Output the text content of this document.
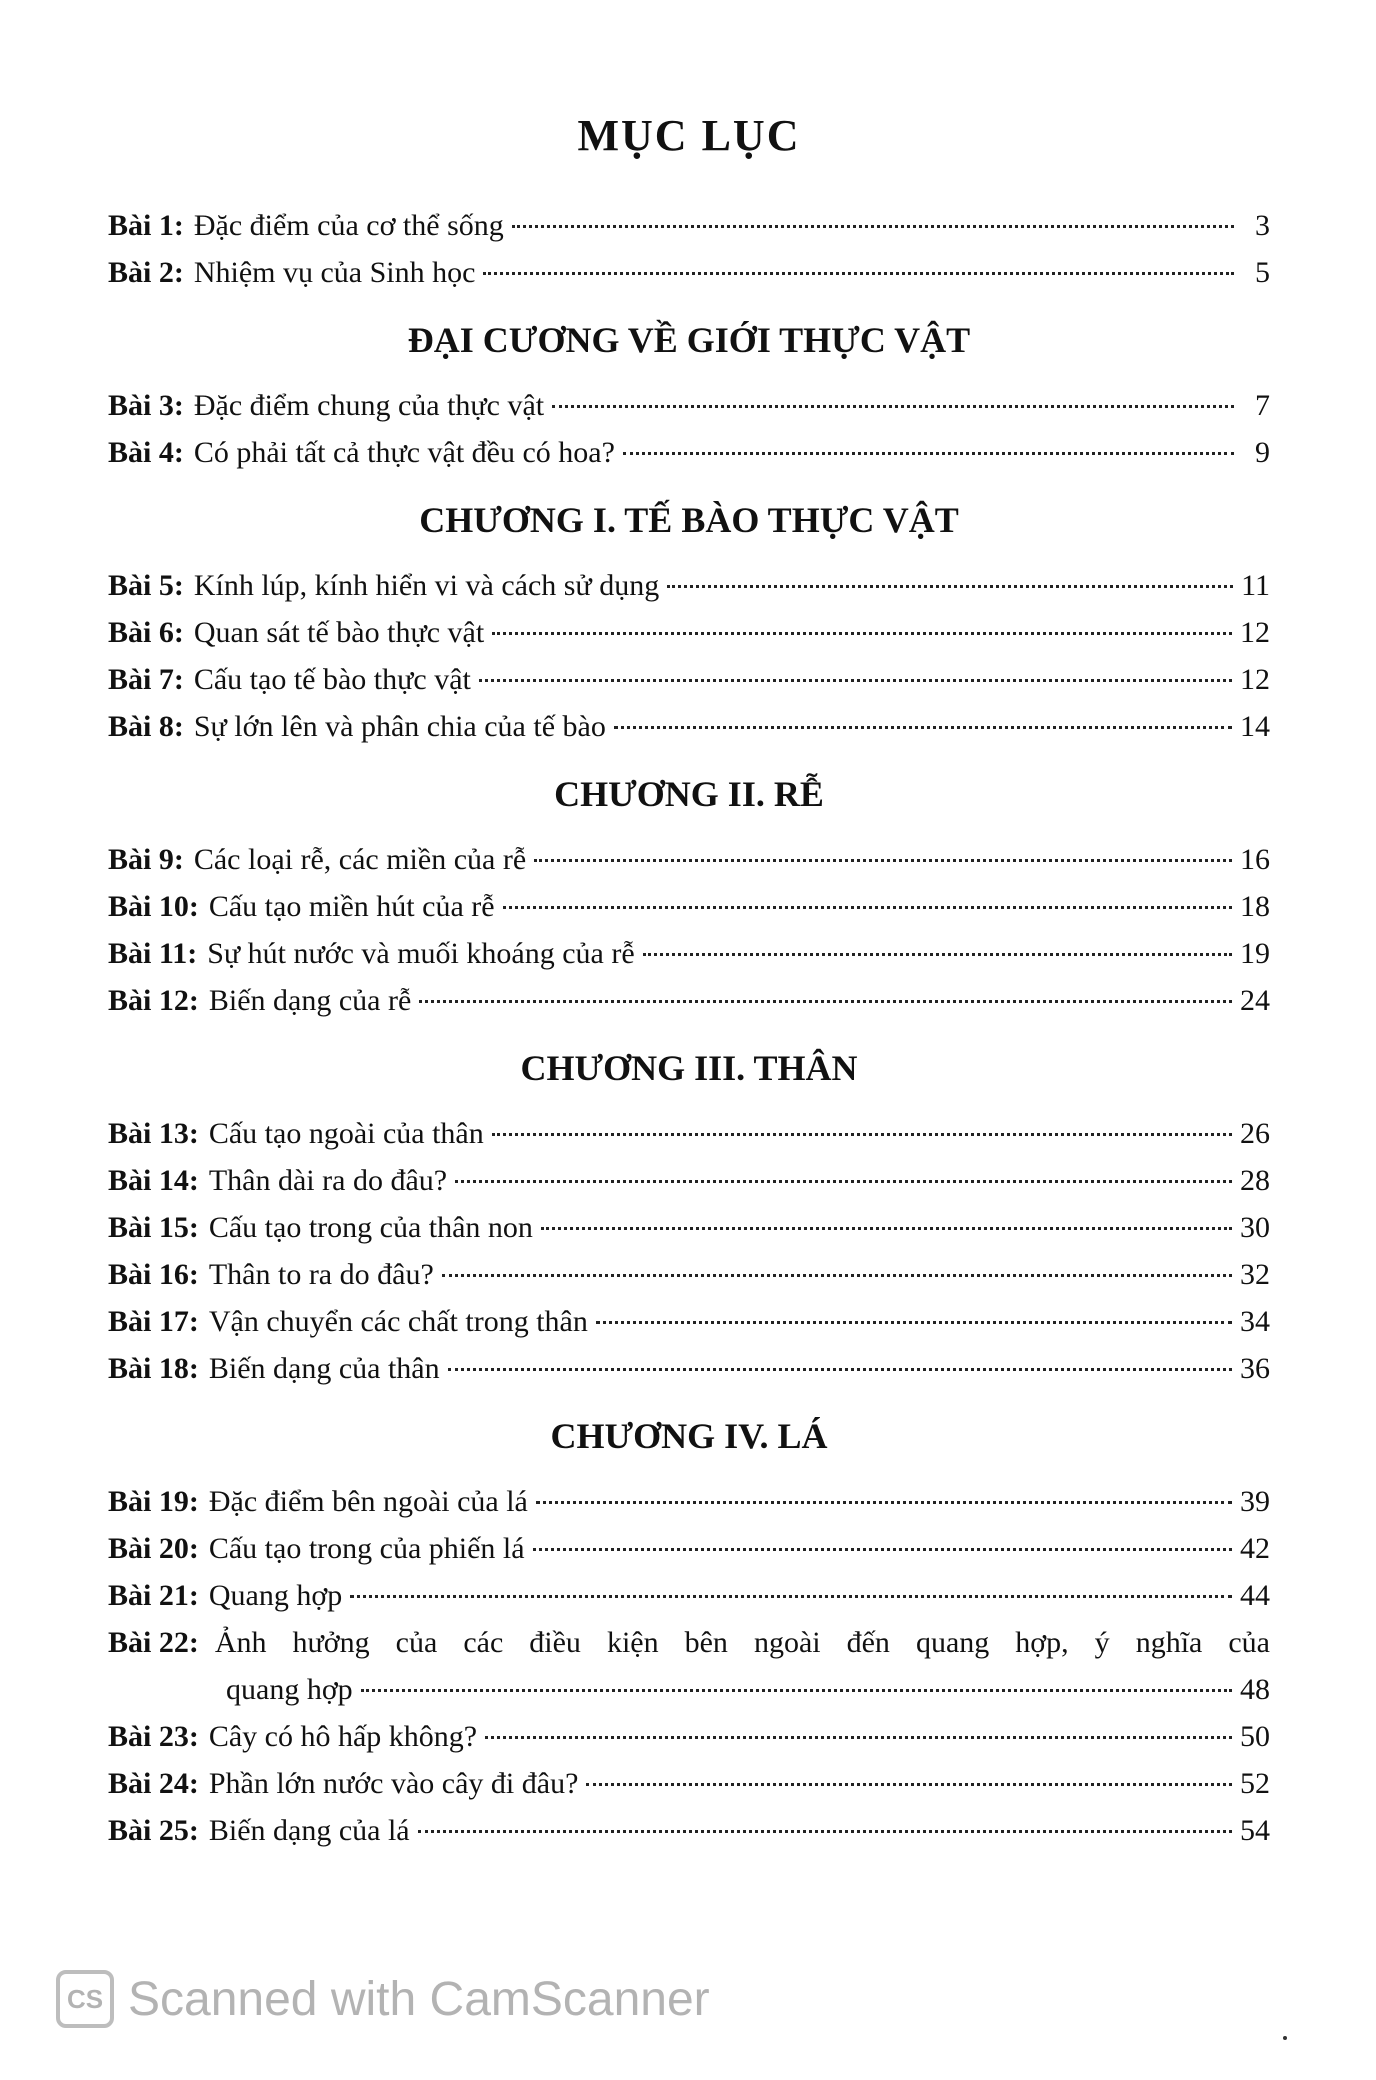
MỤC LỤC
Bài 1: Đặc điểm của cơ thể sống	3
Bài 2: Nhiệm vụ của Sinh học	5
ĐẠI CƯƠNG VỀ GIỚI THỰC VẬT
Bài 3: Đặc điểm chung của thực vật	7
Bài 4: Có phải tất cả thực vật đều có hoa?	9
CHƯƠNG I. TẾ BÀO THỰC VẬT
Bài 5: Kính lúp, kính hiển vi và cách sử dụng	11
Bài 6: Quan sát tế bào thực vật	12
Bài 7: Cấu tạo tế bào thực vật	12
Bài 8: Sự lớn lên và phân chia của tế bào	14
CHƯƠNG II. RỄ
Bài 9: Các loại rễ, các miền của rễ	16
Bài 10: Cấu tạo miền hút của rễ	18
Bài 11: Sự hút nước và muối khoáng của rễ	19
Bài 12: Biến dạng của rễ	24
CHƯƠNG III. THÂN
Bài 13: Cấu tạo ngoài của thân	26
Bài 14: Thân dài ra do đâu?	28
Bài 15: Cấu tạo trong của thân non	30
Bài 16: Thân to ra do đâu?	32
Bài 17: Vận chuyển các chất trong thân	34
Bài 18: Biến dạng của thân	36
CHƯƠNG IV. LÁ
Bài 19: Đặc điểm bên ngoài của lá	39
Bài 20: Cấu tạo trong của phiến lá	42
Bài 21: Quang hợp	44
Bài 22: Ảnh hưởng của các điều kiện bên ngoài đến quang hợp, ý nghĩa của
quang hợp	48
Bài 23: Cây có hô hấp không?	50
Bài 24: Phần lớn nước vào cây đi đâu?	52
Bài 25: Biến dạng của lá	54
CS Scanned with CamScanner
